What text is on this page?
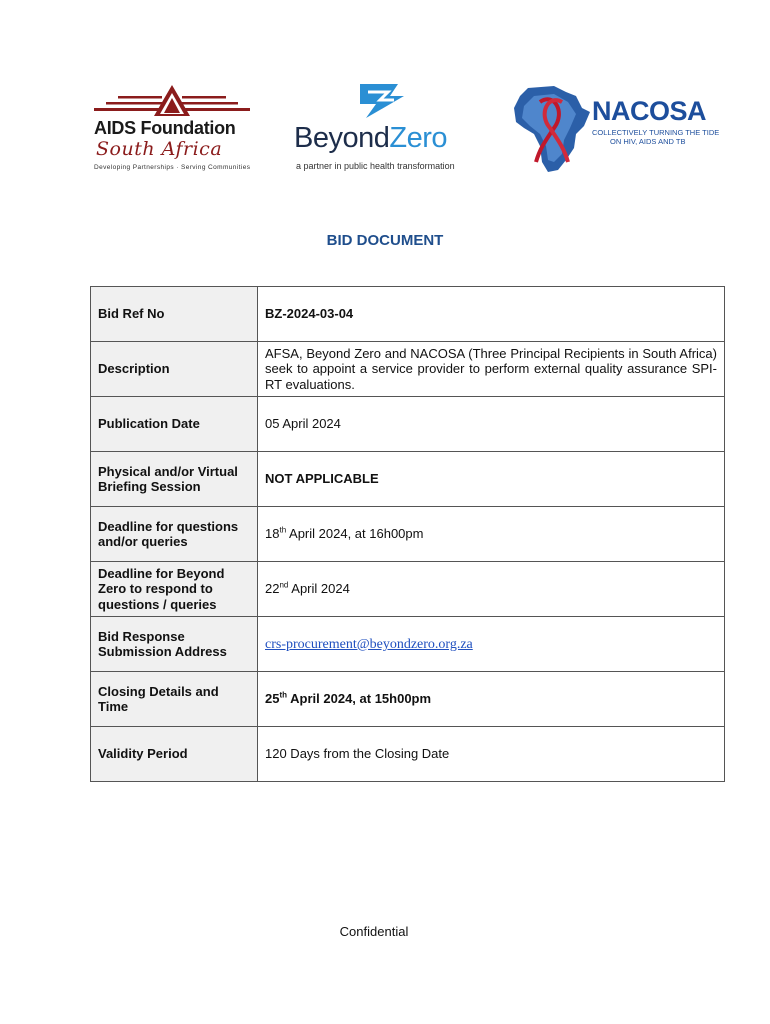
AIDS Foundation
South Africa
Developing Partnerships · Serving Communities
BeyondZero
a partner in public health transformation
NACOSA
COLLECTIVELY TURNING THE TIDE
ON HIV, AIDS AND TB
BID DOCUMENT
Bid Ref No	BZ-2024-03-04
Description	AFSA, Beyond Zero and NACOSA (Three Principal Recipients in South Africa) seek to appoint a service provider to perform external quality assurance SPI-RT evaluations.
Publication Date	05 April 2024
Physical and/or Virtual Briefing Session	NOT APPLICABLE
Deadline for questions and/or queries	18th April 2024, at 16h00pm
Deadline for Beyond Zero to respond to questions / queries	22nd April 2024
Bid Response Submission Address	crs-procurement@beyondzero.org.za
Closing Details and Time	25th April 2024, at 15h00pm
Validity Period	120 Days from the Closing Date
Confidential
